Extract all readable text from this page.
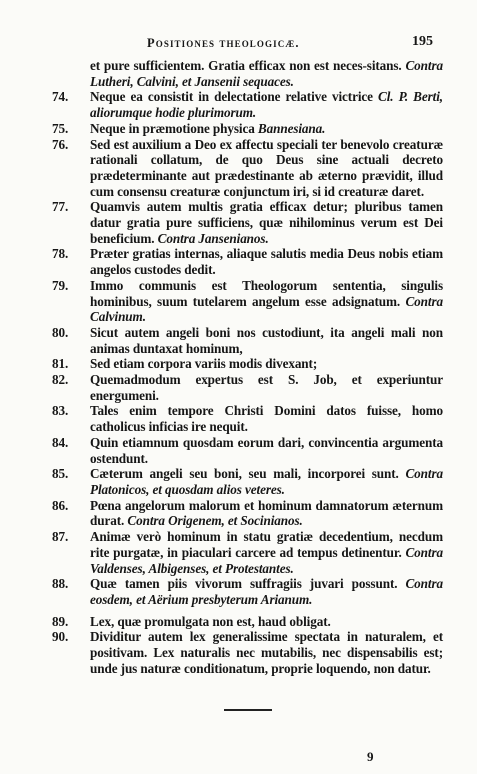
Positiones theologicæ.	195
et pure sufficientem. Gratia efficax non est neces-sitans. Contra Lutheri, Calvini, et Jansenii sequaces.
74.	Neque ea consistit in delectatione relative victrice Cl. P. Berti, aliorumque hodie plurimorum.
75.	Neque in præmotione physica Bannesiana.
76.	Sed est auxilium a Deo ex affectu speciali ter benevolo creaturæ rationali collatum, de quo Deus sine actuali decreto prædeterminante aut prædestinante ab æterno prævidit, illud cum consensu creaturæ conjunctum iri, si id creaturæ daret.
77.	Quamvis autem multis gratia efficax detur; pluribus tamen datur gratia pure sufficiens, quæ nihilominus verum est Dei beneficium. Contra Jansenianos.
78.	Præter gratias internas, aliaque salutis media Deus nobis etiam angelos custodes dedit.
79.	Immo communis est Theologorum sententia, singulis hominibus, suum tutelarem angelum esse adsignatum. Contra Calvinum.
80.	Sicut autem angeli boni nos custodiunt, ita angeli mali non animas duntaxat hominum,
81.	Sed etiam corpora variis modis divexant;
82.	Quemadmodum expertus est S. Job, et experiuntur energumeni.
83.	Tales enim tempore Christi Domini datos fuisse, homo catholicus inficias ire nequit.
84.	Quin etiamnum quosdam eorum dari, convincentia argumenta ostendunt.
85.	Cæterum angeli seu boni, seu mali, incorporei sunt. Contra Platonicos, et quosdam alios veteres.
86.	Pœna angelorum malorum et hominum damnatorum æternum durat. Contra Origenem, et Socinianos.
87.	Animæ verò hominum in statu gratiæ decedentium, necdum rite purgatæ, in piaculari carcere ad tempus detinentur. Contra Valdenses, Albigenses, et Protestantes.
88.	Quæ tamen piis vivorum suffragiis juvari possunt. Contra eosdem, et Aërium presbyterum Arianum.
89.	Lex, quæ promulgata non est, haud obligat.
90.	Dividitur autem lex generalissime spectata in naturalem, et positivam. Lex naturalis nec mutabilis, nec dispensabilis est; unde jus naturæ conditionatum, proprie loquendo, non datur.
9
